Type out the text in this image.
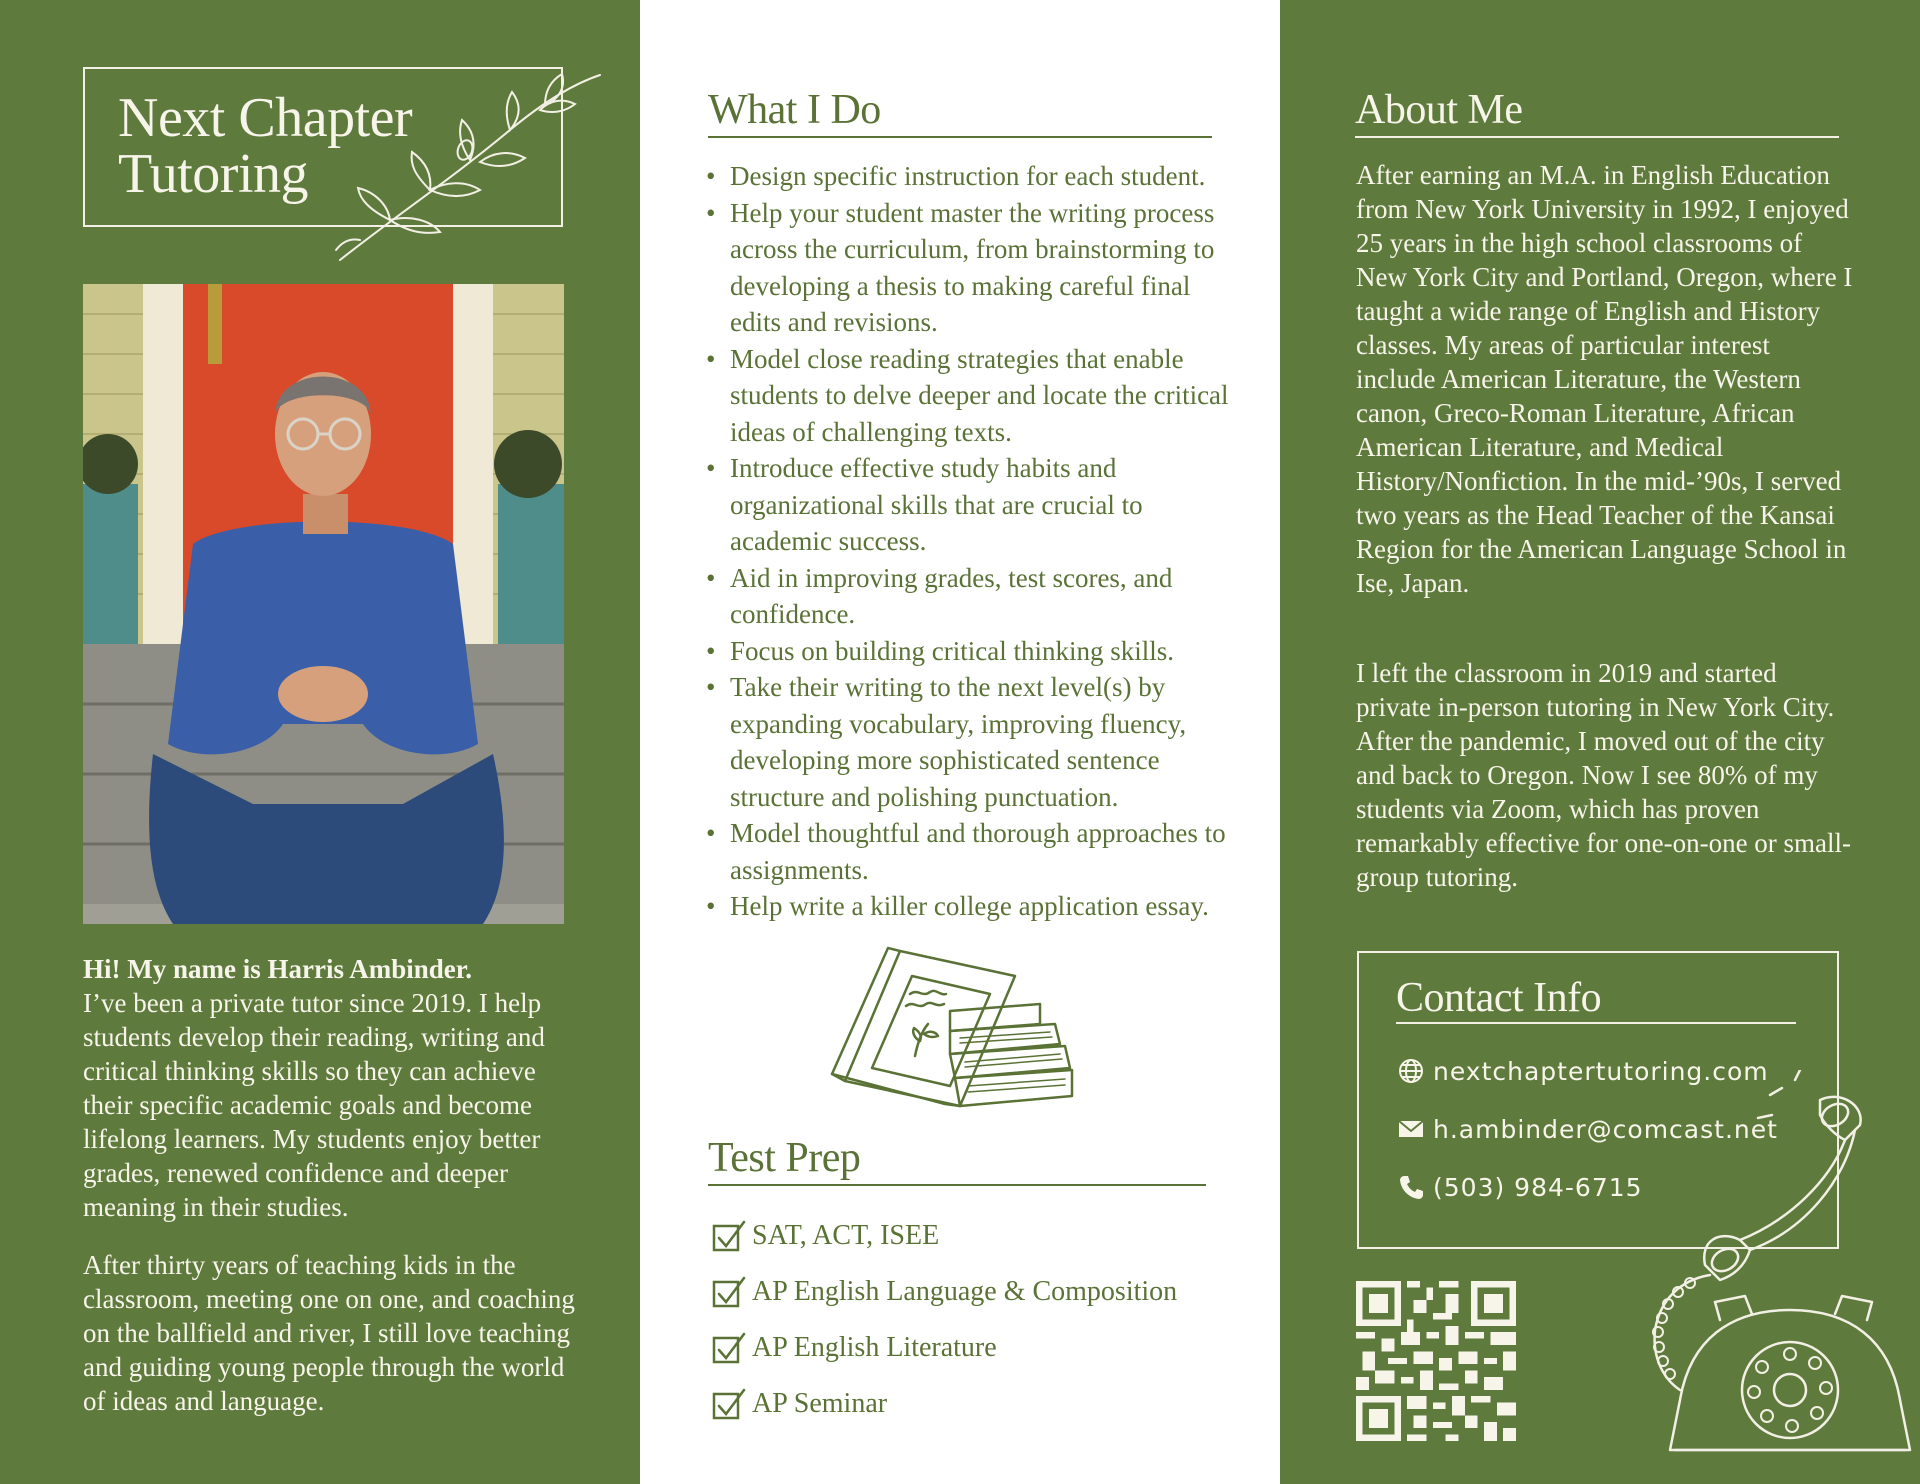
Next Chapter
Tutoring
Hi! My name is Harris Ambinder.
I’ve been a private tutor since 2019. I help students develop their reading, writing and critical thinking skills so they can achieve their specific academic goals and become lifelong learners. My students enjoy better grades, renewed confidence and deeper meaning in their studies.
After thirty years of teaching kids in the classroom, meeting one on one, and coaching on the ballfield and river, I still love teaching and guiding young people through the world of ideas and language.
What I Do
• Design specific instruction for each student.
• Help your student master the writing process across the curriculum, from brainstorming to developing a thesis to making careful final edits and revisions.
• Model close reading strategies that enable students to delve deeper and locate the critical ideas of challenging texts.
• Introduce effective study habits and organizational skills that are crucial to academic success.
• Aid in improving grades, test scores, and confidence.
• Focus on building critical thinking skills.
• Take their writing to the next level(s) by expanding vocabulary, improving fluency, developing more sophisticated sentence structure and polishing punctuation.
• Model thoughtful and thorough approaches to assignments.
• Help write a killer college application essay.
Test Prep
SAT, ACT, ISEE
AP English Language & Composition
AP English Literature
AP Seminar
About Me
After earning an M.A. in English Education from New York University in 1992, I enjoyed 25 years in the high school classrooms of New York City and Portland, Oregon, where I taught a wide range of English and History classes. My areas of particular interest include American Literature, the Western canon, Greco-Roman Literature, African American Literature, and Medical History/Nonfiction. In the mid-’90s, I served two years as the Head Teacher of the Kansai Region for the American Language School in Ise, Japan.
I left the classroom in 2019 and started private in-person tutoring in New York City. After the pandemic, I moved out of the city and back to Oregon. Now I see 80% of my students via Zoom, which has proven remarkably effective for one-on-one or small-group tutoring.
Contact Info
nextchaptertutoring.com
h.ambinder@comcast.net
(503) 984-6715
